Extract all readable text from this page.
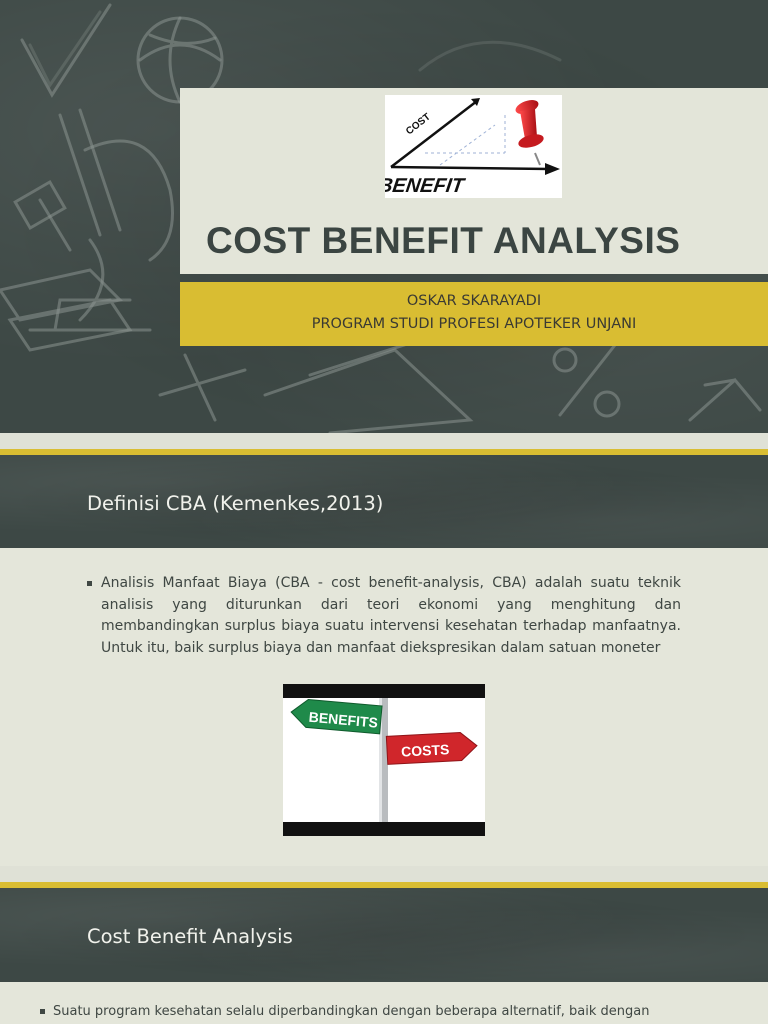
COST
BENEFIT
COST BENEFIT ANALYSIS
OSKAR SKARAYADI
PROGRAM STUDI PROFESI APOTEKER UNJANI
Definisi CBA (Kemenkes,2013)
Analisis Manfaat Biaya (CBA - cost benefit-analysis, CBA) adalah suatu teknik analisis yang diturunkan dari teori ekonomi yang menghitung dan membandingkan surplus biaya suatu intervensi kesehatan terhadap manfaatnya. Untuk itu, baik surplus biaya dan manfaat diekspresikan dalam satuan moneter
BENEFITS
COSTS
Cost Benefit Analysis
Suatu program kesehatan selalu diperbandingkan dengan beberapa alternatif, baik dengan
